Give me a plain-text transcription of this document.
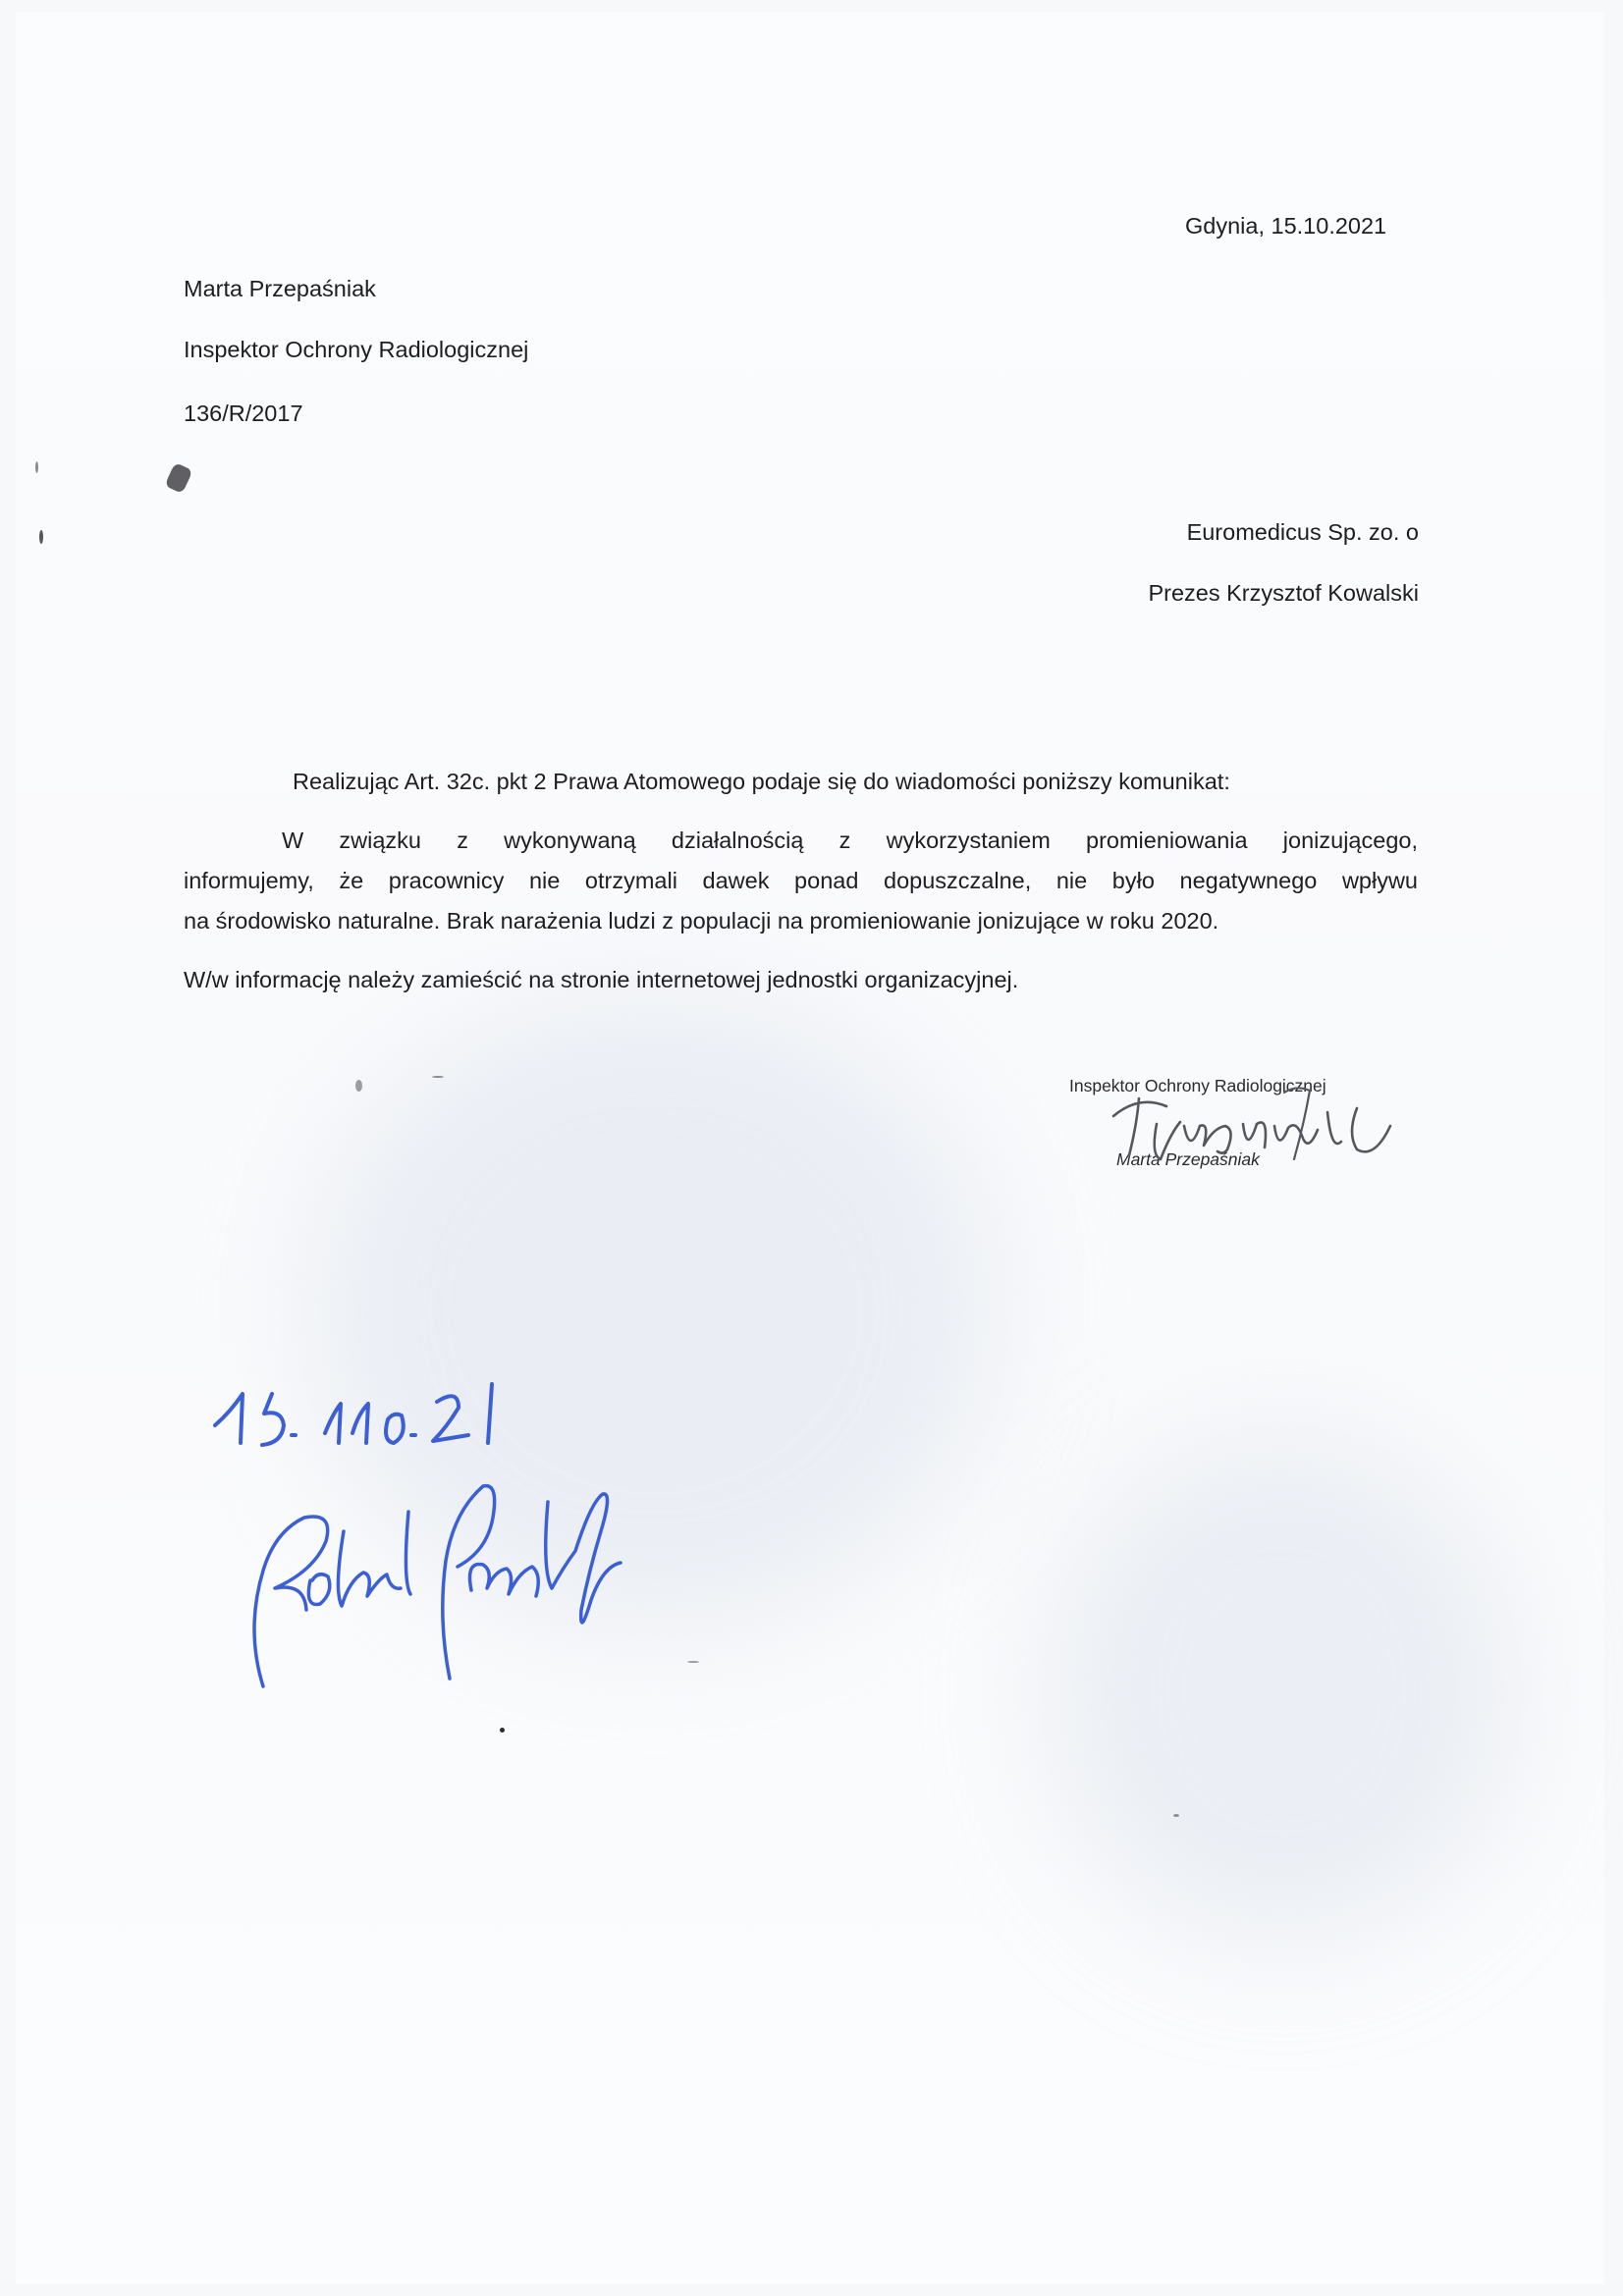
Gdynia, 15.10.2021

Marta Przepaśniak

Inspektor Ochrony Radiologicznej

136/R/2017

Euromedicus Sp. zo. o

Prezes Krzysztof Kowalski

Realizując Art. 32c. pkt 2 Prawa Atomowego podaje się do wiadomości poniższy komunikat:

W związku z wykonywaną działalnością z wykorzystaniem promieniowania jonizującego,

informujemy, że pracownicy nie otrzymali dawek ponad dopuszczalne, nie było negatywnego wpływu

na środowisko naturalne. Brak narażenia ludzi z populacji na promieniowanie jonizujące w roku 2020.

W/w informację należy zamieścić na stronie internetowej jednostki organizacyjnej.

Inspektor Ochrony Radiologicznej
Marta Przepaśniak
